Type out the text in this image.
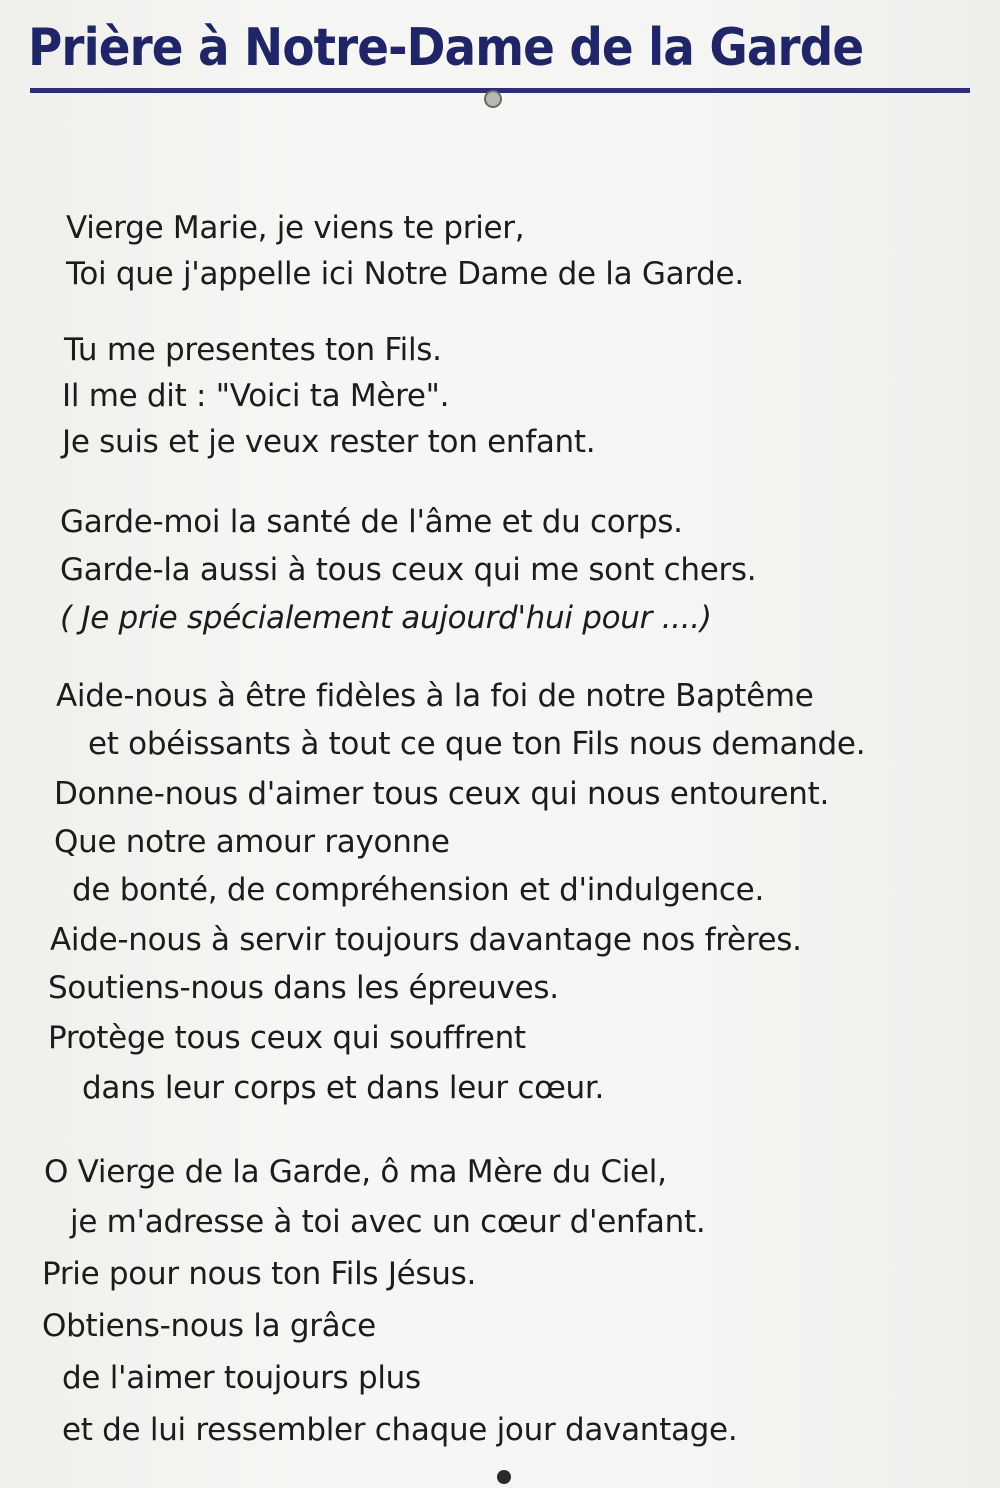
Prière à Notre-Dame de la Garde

Vierge Marie, je viens te prier,

Toi que j'appelle ici Notre Dame de la Garde.

Tu me presentes ton Fils.

Il me dit : "Voici ta Mère".

Je suis et je veux rester ton enfant.

Garde-moi la santé de l'âme et du corps.

Garde-la aussi à tous ceux qui me sont chers.

( Je prie spécialement aujourd'hui pour ....)

Aide-nous à être fidèles à la foi de notre Baptême

et obéissants à tout ce que ton Fils nous demande.

Donne-nous d'aimer tous ceux qui nous entourent.

Que notre amour rayonne

de bonté, de compréhension et d'indulgence.

Aide-nous à servir toujours davantage nos frères.

Soutiens-nous dans les épreuves.

Protège tous ceux qui souffrent

dans leur corps et dans leur cœur.

O Vierge de la Garde, ô ma Mère du Ciel,

je m'adresse à toi avec un cœur d'enfant.

Prie pour nous ton Fils Jésus.

Obtiens-nous la grâce

de l'aimer toujours plus

et de lui ressembler chaque jour davantage.
